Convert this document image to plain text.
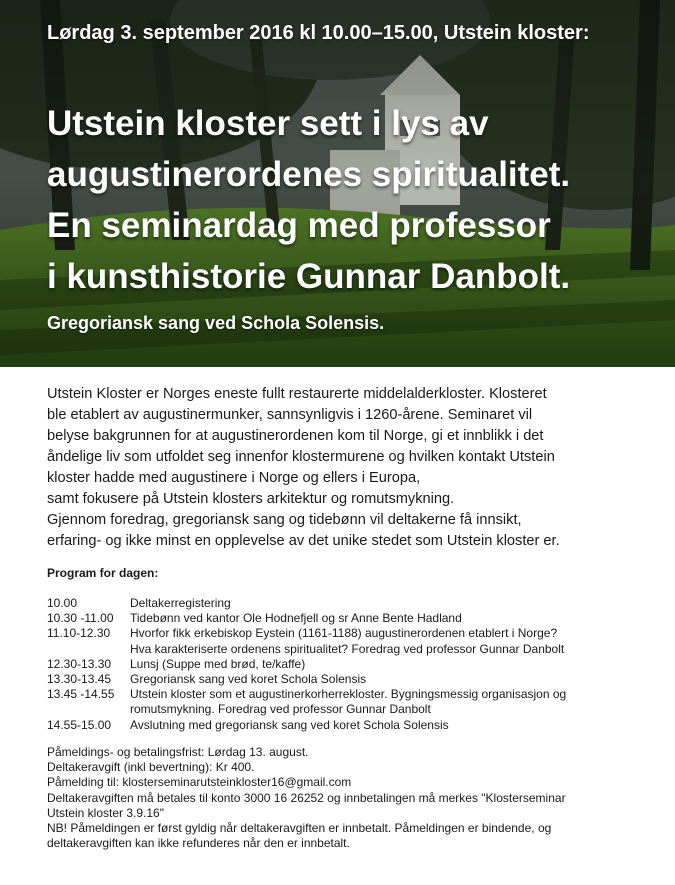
Lørdag 3. september 2016 kl 10.00–15.00, Utstein kloster:

Utstein kloster sett i lys av
augustinerordenes spiritualitet.
En seminardag med professor
i kunsthistorie Gunnar Danbolt.

Gregoriansk sang ved Schola Solensis.

Utstein Kloster er Norges eneste fullt restaurerte middelalderkloster. Klosteret
ble etablert av augustinermunker, sannsynligvis i 1260-årene. Seminaret vil
belyse bakgrunnen for at augustinerordenen kom til Norge, gi et innblikk i det
åndelige liv som utfoldet seg innenfor klostermurene og hvilken kontakt Utstein
kloster hadde med augustinere i Norge og ellers i Europa,
samt fokusere på Utstein klosters arkitektur og romutsmykning.
Gjennom foredrag, gregoriansk sang og tidebønn vil deltakerne få innsikt,
erfaring- og ikke minst en opplevelse av det unike stedet som Utstein kloster er.

Program for dagen:

10.00	Deltakerregistering
10.30 -11.00	Tidebønn ved kantor Ole Hodnefjell og sr Anne Bente Hadland
11.10-12.30	Hvorfor fikk erkebiskop Eystein (1161-1188) augustinerordenen etablert i Norge?
Hva karakteriserte ordenens spiritualitet? Foredrag ved professor Gunnar Danbolt
12.30-13.30	Lunsj (Suppe med brød, te/kaffe)
13.30-13.45	Gregoriansk sang ved koret Schola Solensis
13.45 -14.55	Utstein kloster som et augustinerkorherrekloster. Bygningsmessig organisasjon og
romutsmykning. Foredrag ved professor Gunnar Danbolt
14.55-15.00	Avslutning med gregoriansk sang ved koret Schola Solensis
Påmeldings- og betalingsfrist: Lørdag 13. august.
Deltakeravgift (inkl bevertning): Kr 400.
Påmelding til: klosterseminarutsteinkloster16@gmail.com
Deltakeravgiften må betales til konto 3000 16 26252 og innbetalingen må merkes "Klosterseminar
Utstein kloster 3.9.16"
NB! Påmeldingen er først gyldig når deltakeravgiften er innbetalt. Påmeldingen er bindende, og
deltakeravgiften kan ikke refunderes når den er innbetalt.
